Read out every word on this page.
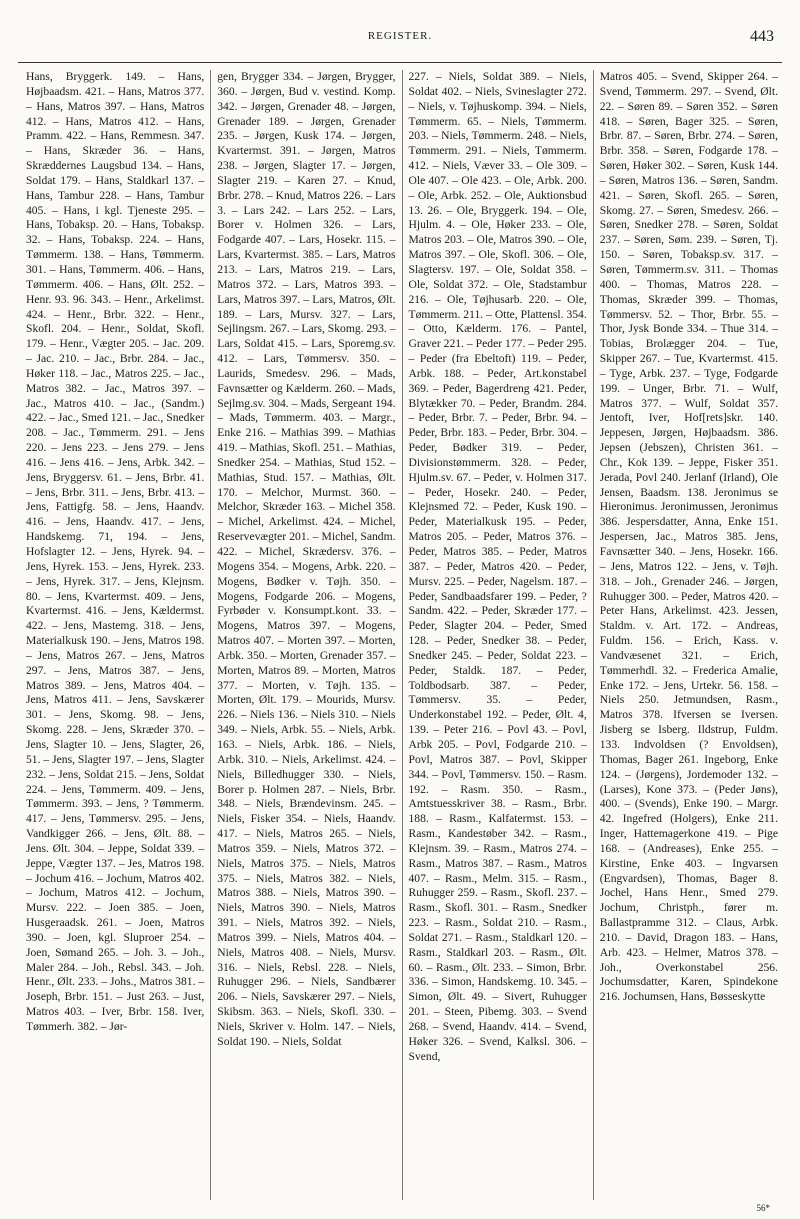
REGISTER.	443
Hans, Bryggerk. 149. – Hans, Højbaadsm. 421. – Hans, Matros 377. – Hans, Matros 397. – Hans, Matros 412. – Hans, Matros 412. – Hans, Pramm. 422. – Hans, Remmesn. 347. – Hans, Skræder 36. – Hans, Skræddernes Laugsbud 134. – Hans, Soldat 179. – Hans, Staldkarl 137. – Hans, Tambur 228. – Hans, Tambur 405. – Hans, i kgl. Tjeneste 295. – Hans, Tobaksp. 20. – Hans, Tobaksp. 32. – Hans, Tobaksp. 224. – Hans, Tømmerm. 138. – Hans, Tømmerm. 301. – Hans, Tømmerm. 406. – Hans, Tømmerm. 406. – Hans, Ølt. 252. – Henr. 93. 96. 343. – Henr., Arkelimst. 424. – Henr., Brbr. 322. – Henr., Skofl. 204. – Henr., Soldat, Skofl. 179. – Henr., Vægter 205. – Jac. 209. – Jac. 210. – Jac., Brbr. 284. – Jac., Høker 118. – Jac., Matros 225. – Jac., Matros 382. – Jac., Matros 397. – Jac., Matros 410. – Jac., (Sandm.) 422. – Jac., Smed 121. – Jac., Snedker 208. – Jac., Tømmerm. 291. – Jens 220. – Jens 223. – Jens 279. – Jens 416. – Jens 416. – Jens, Arbk. 342. – Jens, Bryggersv. 61. – Jens, Brbr. 41. – Jens, Brbr. 311. – Jens, Brbr. 413. – Jens, Fattigfg. 58. – Jens, Haandv. 416. – Jens, Haandv. 417. – Jens, Handskemg. 71, 194. – Jens, Hofslagter 12. – Jens, Hyrek. 94. – Jens, Hyrek. 153. – Jens, Hyrek. 233. – Jens, Hyrek. 317. – Jens, Klejnsm. 80. – Jens, Kvartermst. 409. – Jens, Kvartermst. 416. – Jens, Kældermst. 422. – Jens, Mastemg. 318. – Jens, Materialkusk 190. – Jens, Matros 198. – Jens, Matros 267. – Jens, Matros 297. – Jens, Matros 387. – Jens, Matros 389. – Jens, Matros 404. – Jens, Matros 411. – Jens, Savskærer 301. – Jens, Skomg. 98. – Jens, Skomg. 228. – Jens, Skræder 370. – Jens, Slagter 10. – Jens, Slagter, 26, 51. – Jens, Slagter 197. – Jens, Slagter 232. – Jens, Soldat 215. – Jens, Soldat 224. – Jens, Tømmerm. 409. – Jens, Tømmerm. 393. – Jens, ? Tømmerm. 417. – Jens, Tømmersv. 295. – Jens, Vandkigger 266. – Jens, Ølt. 88. – Jens. Ølt. 304. – Jeppe, Soldat 339. – Jeppe, Vægter 137. – Jes, Matros 198. – Jochum 416. – Jochum, Matros 402. – Jochum, Matros 412. – Jochum, Mursv. 222. – Joen 385. – Joen, Husgeraadsk. 261. – Joen, Matros 390. – Joen, kgl. Sluproer 254. – Joen, Sømand 265. – Joh. 3. – Joh., Maler 284. – Joh., Rebsl. 343. – Joh. Henr., Ølt. 233. – Johs., Matros 381. – Joseph, Brbr. 151. – Just 263. – Just, Matros 403. – Iver, Brbr. 158. Iver, Tømmerh. 382. – Jør-
gen, Brygger 334. – Jørgen, Brygger, 360. – Jørgen, Bud v. vestind. Komp. 342. – Jørgen, Grenader 48. – Jørgen, Grenader 189. – Jørgen, Grenader 235. – Jørgen, Kusk 174. – Jørgen, Kvartermst. 391. – Jørgen, Matros 238. – Jørgen, Slagter 17. – Jørgen, Slagter 219. – Karen 27. – Knud, Brbr. 278. – Knud, Matros 226. – Lars 3. – Lars 242. – Lars 252. – Lars, Borer v. Holmen 326. – Lars, Fodgarde 407. – Lars, Hosekr. 115. – Lars, Kvartermst. 385. – Lars, Matros 213. – Lars, Matros 219. – Lars, Matros 372. – Lars, Matros 393. – Lars, Matros 397. – Lars, Matros, Ølt. 189. – Lars, Mursv. 327. – Lars, Sejlingsm. 267. – Lars, Skomg. 293. – Lars, Soldat 415. – Lars, Sporemg.sv. 412. – Lars, Tømmersv. 350. – Laurids, Smedesv. 296. – Mads, Favnsætter og Kælderm. 260. – Mads, Sejlmg.sv. 304. – Mads, Sergeant 194. – Mads, Tømmerm. 403. – Margr., Enke 216. – Mathias 399. – Mathias 419. – Mathias, Skofl. 251. – Mathias, Snedker 254. – Mathias, Stud 152. – Mathias, Stud. 157. – Mathias, Ølt. 170. – Melchor, Murmst. 360. – Melchor, Skræder 163. – Michel 358. – Michel, Arkelimst. 424. – Michel, Reservevægter 201. – Michel, Sandm. 422. – Michel, Skrædersv. 376. – Mogens 354. – Mogens, Arbk. 220. – Mogens, Bødker v. Tøjh. 350. – Mogens, Fodgarde 206. – Mogens, Fyrbøder v. Konsumpt.kont. 33. – Mogens, Matros 397. – Mogens, Matros 407. – Morten 397. – Morten, Arbk. 350. – Morten, Grenader 357. – Morten, Matros 89. – Morten, Matros 377. – Morten, v. Tøjh. 135. – Morten, Ølt. 179. – Mourids, Mursv. 226. – Niels 136. – Niels 310. – Niels 349. – Niels, Arbk. 55. – Niels, Arbk. 163. – Niels, Arbk. 186. – Niels, Arbk. 310. – Niels, Arkelimst. 424. – Niels, Billedhugger 330. – Niels, Borer p. Holmen 287. – Niels, Brbr. 348. – Niels, Brændevinsm. 245. – Niels, Fisker 354. – Niels, Haandv. 417. – Niels, Matros 265. – Niels, Matros 359. – Niels, Matros 372. – Niels, Matros 375. – Niels, Matros 375. – Niels, Matros 382. – Niels, Matros 388. – Niels, Matros 390. – Niels, Matros 390. – Niels, Matros 391. – Niels, Matros 392. – Niels, Matros 399. – Niels, Matros 404. – Niels, Matros 408. – Niels, Mursv. 316. – Niels, Rebsl. 228. – Niels, Ruhugger 296. – Niels, Sandbærer 206. – Niels, Savskærer 297. – Niels, Skibsm. 363. – Niels, Skofl. 330. – Niels, Skriver v. Holm. 147. – Niels, Soldat 190. – Niels, Soldat
227. – Niels, Soldat 389. – Niels, Soldat 402. – Niels, Svineslagter 272. – Niels, v. Tøjhuskomp. 394. – Niels, Tømmerm. 65. – Niels, Tømmerm. 203. – Niels, Tømmerm. 248. – Niels, Tømmerm. 291. – Niels, Tømmerm. 412. – Niels, Væver 33. – Ole 309. – Ole 407. – Ole 423. – Ole, Arbk. 200. – Ole, Arbk. 252. – Ole, Auktionsbud 13. 26. – Ole, Bryggerk. 194. – Ole, Hjulm. 4. – Ole, Høker 233. – Ole, Matros 203. – Ole, Matros 390. – Ole, Matros 397. – Ole, Skofl. 306. – Ole, Slagtersv. 197. – Ole, Soldat 358. – Ole, Soldat 372. – Ole, Stadstambur 216. – Ole, Tøjhusarb. 220. – Ole, Tømmerm. 211. – Otte, Plattensl. 354. – Otto, Kælderm. 176. – Pantel, Graver 221. – Peder 177. – Peder 295. – Peder (fra Ebeltoft) 119. – Peder, Arbk. 188. – Peder, Art.konstabel 369. – Peder, Bagerdreng 421. Peder, Blytækker 70. – Peder, Brandm. 284. – Peder, Brbr. 7. – Peder, Brbr. 94. – Peder, Brbr. 183. – Peder, Brbr. 304. – Peder, Bødker 319. – Peder, Divisionstømmerm. 328. – Peder, Hjulm.sv. 67. – Peder, v. Holmen 317. – Peder, Hosekr. 240. – Peder, Klejnsmed 72. – Peder, Kusk 190. – Peder, Materialkusk 195. – Peder, Matros 205. – Peder, Matros 376. – Peder, Matros 385. – Peder, Matros 387. – Peder, Matros 420. – Peder, Mursv. 225. – Peder, Nagelsm. 187. – Peder, Sandbaadsfarer 199. – Peder, ? Sandm. 422. – Peder, Skræder 177. – Peder, Slagter 204. – Peder, Smed 128. – Peder, Snedker 38. – Peder, Snedker 245. – Peder, Soldat 223. – Peder, Staldk. 187. – Peder, Toldbodsarb. 387. – Peder, Tømmersv. 35. – Peder, Underkonstabel 192. – Peder, Ølt. 4, 139. – Peter 216. – Povl 43. – Povl, Arbk 205. – Povl, Fodgarde 210. – Povl, Matros 387. – Povl, Skipper 344. – Povl, Tømmersv. 150. – Rasm. 192. – Rasm. 350. – Rasm., Amtstuesskriver 38. – Rasm., Brbr. 188. – Rasm., Kalfatermst. 153. – Rasm., Kandestøber 342. – Rasm., Klejnsm. 39. – Rasm., Matros 274. – Rasm., Matros 387. – Rasm., Matros 407. – Rasm., Melm. 315. – Rasm., Ruhugger 259. – Rasm., Skofl. 237. – Rasm., Skofl. 301. – Rasm., Snedker 223. – Rasm., Soldat 210. – Rasm., Soldat 271. – Rasm., Staldkarl 120. – Rasm., Staldkarl 203. – Rasm., Ølt. 60. – Rasm., Ølt. 233. – Simon, Brbr. 336. – Simon, Handskemg. 10. 345. – Simon, Ølt. 49. – Sivert, Ruhugger 201. – Steen, Pibemg. 303. – Svend 268. – Svend, Haandv. 414. – Svend, Høker 326. – Svend, Kalksl. 306. – Svend,
Matros 405. – Svend, Skipper 264. – Svend, Tømmerm. 297. – Svend, Ølt. 22. – Søren 89. – Søren 352. – Søren 418. – Søren, Bager 325. – Søren, Brbr. 87. – Søren, Brbr. 274. – Søren, Brbr. 358. – Søren, Fodgarde 178. – Søren, Høker 302. – Søren, Kusk 144. – Søren, Matros 136. – Søren, Sandm. 421. – Søren, Skofl. 265. – Søren, Skomg. 27. – Søren, Smedesv. 266. – Søren, Snedker 278. – Søren, Soldat 237. – Søren, Søm. 239. – Søren, Tj. 150. – Søren, Tobaksp.sv. 317. – Søren, Tømmerm.sv. 311. – Thomas 400. – Thomas, Matros 228. – Thomas, Skræder 399. – Thomas, Tømmersv. 52. – Thor, Brbr. 55. – Thor, Jysk Bonde 334. – Thue 314. – Tobias, Brolægger 204. – Tue, Skipper 267. – Tue, Kvartermst. 415. – Tyge, Arbk. 237. – Tyge, Fodgarde 199. – Unger, Brbr. 71. – Wulf, Matros 377. – Wulf, Soldat 357. Jentoft, Iver, Hof[rets]skr. 140. Jeppesen, Jørgen, Højbaadsm. 386. Jepsen (Jebszen), Christen 361. – Chr., Kok 139. – Jeppe, Fisker 351. Jerada, Povl 240. Jerlanf (Irland), Ole Jensen, Baadsm. 138. Jeronimus se Hieronimus. Jeronimussen, Jeronimus 386. Jespersdatter, Anna, Enke 151. Jespersen, Jac., Matros 385. Jens, Favnsætter 340. – Jens, Hosekr. 166. – Jens, Matros 122. – Jens, v. Tøjh. 318. – Joh., Grenader 246. – Jørgen, Ruhugger 300. – Peder, Matros 420. – Peter Hans, Arkelimst. 423. Jessen, Staldm. v. Art. 172. – Andreas, Fuldm. 156. – Erich, Kass. v. Vandvæsenet 321. – Erich, Tømmerhdl. 32. – Frederica Amalie, Enke 172. – Jens, Urtekr. 56. 158. – Niels 250. Jetmundsen, Rasm., Matros 378. Ifversen se Iversen. Jisberg se Isberg. Ildstrup, Fuldm. 133. Indvoldsen (? Envoldsen), Thomas, Bager 261. Ingeborg, Enke 124. – (Jørgens), Jordemoder 132. – (Larses), Kone 373. – (Peder Jøns), 400. – (Svends), Enke 190. – Margr. 42. Ingefred (Holgers), Enke 211. Inger, Hattemagerkone 419. – Pige 168. – (Andreases), Enke 255. – Kirstine, Enke 403. – Ingvarsen (Engvardsen), Thomas, Bager 8. Jochel, Hans Henr., Smed 279. Jochum, Christph., fører m. Ballastpramme 312. – Claus, Arbk. 210. – David, Dragon 183. – Hans, Arb. 423. – Helmer, Matros 378. – Joh., Overkonstabel 256. Jochumsdatter, Karen, Spindekone 216. Jochumsen, Hans, Bøsseskytte
56*
